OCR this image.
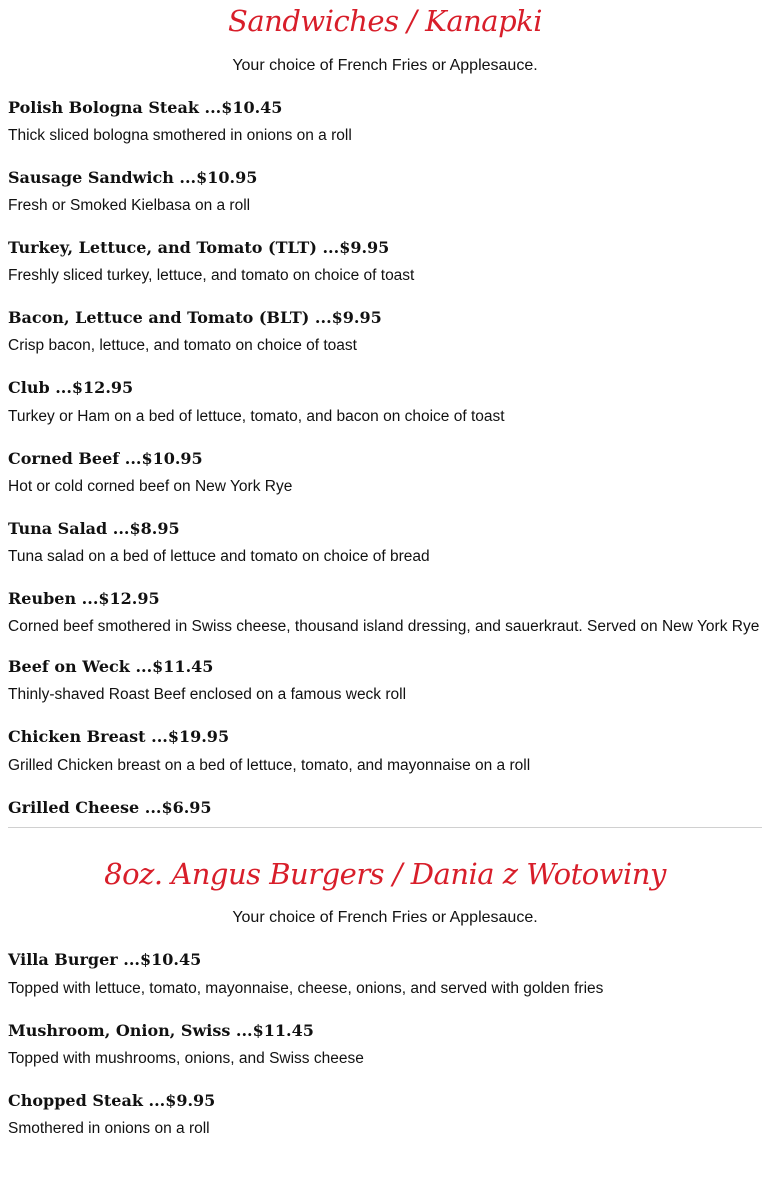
Sandwiches / Kanapki

Your choice of French Fries or Applesauce.

Polish Bologna Steak ...$10.45

Thick sliced bologna smothered in onions on a roll

Sausage Sandwich ...$10.95

Fresh or Smoked Kielbasa on a roll

Turkey, Lettuce, and Tomato (TLT) ...$9.95

Freshly sliced turkey, lettuce, and tomato on choice of toast

Bacon, Lettuce and Tomato (BLT) ...$9.95

Crisp bacon, lettuce, and tomato on choice of toast

Club ...$12.95

Turkey or Ham on a bed of lettuce, tomato, and bacon on choice of toast

Corned Beef ...$10.95

Hot or cold corned beef on New York Rye

Tuna Salad ...$8.95

Tuna salad on a bed of lettuce and tomato on choice of bread

Reuben ...$12.95

Corned beef smothered in Swiss cheese, thousand island dressing, and sauerkraut. Served on New York Rye

Beef on Weck ...$11.45

Thinly-shaved Roast Beef enclosed on a famous weck roll

Chicken Breast ...$19.95

Grilled Chicken breast on a bed of lettuce, tomato, and mayonnaise on a roll

Grilled Cheese ...$6.95

8oz. Angus Burgers / Dania z Wotowiny

Your choice of French Fries or Applesauce.

Villa Burger ...$10.45

Topped with lettuce, tomato, mayonnaise, cheese, onions, and served with golden fries

Mushroom, Onion, Swiss ...$11.45

Topped with mushrooms, onions, and Swiss cheese

Chopped Steak ...$9.95

Smothered in onions on a roll
